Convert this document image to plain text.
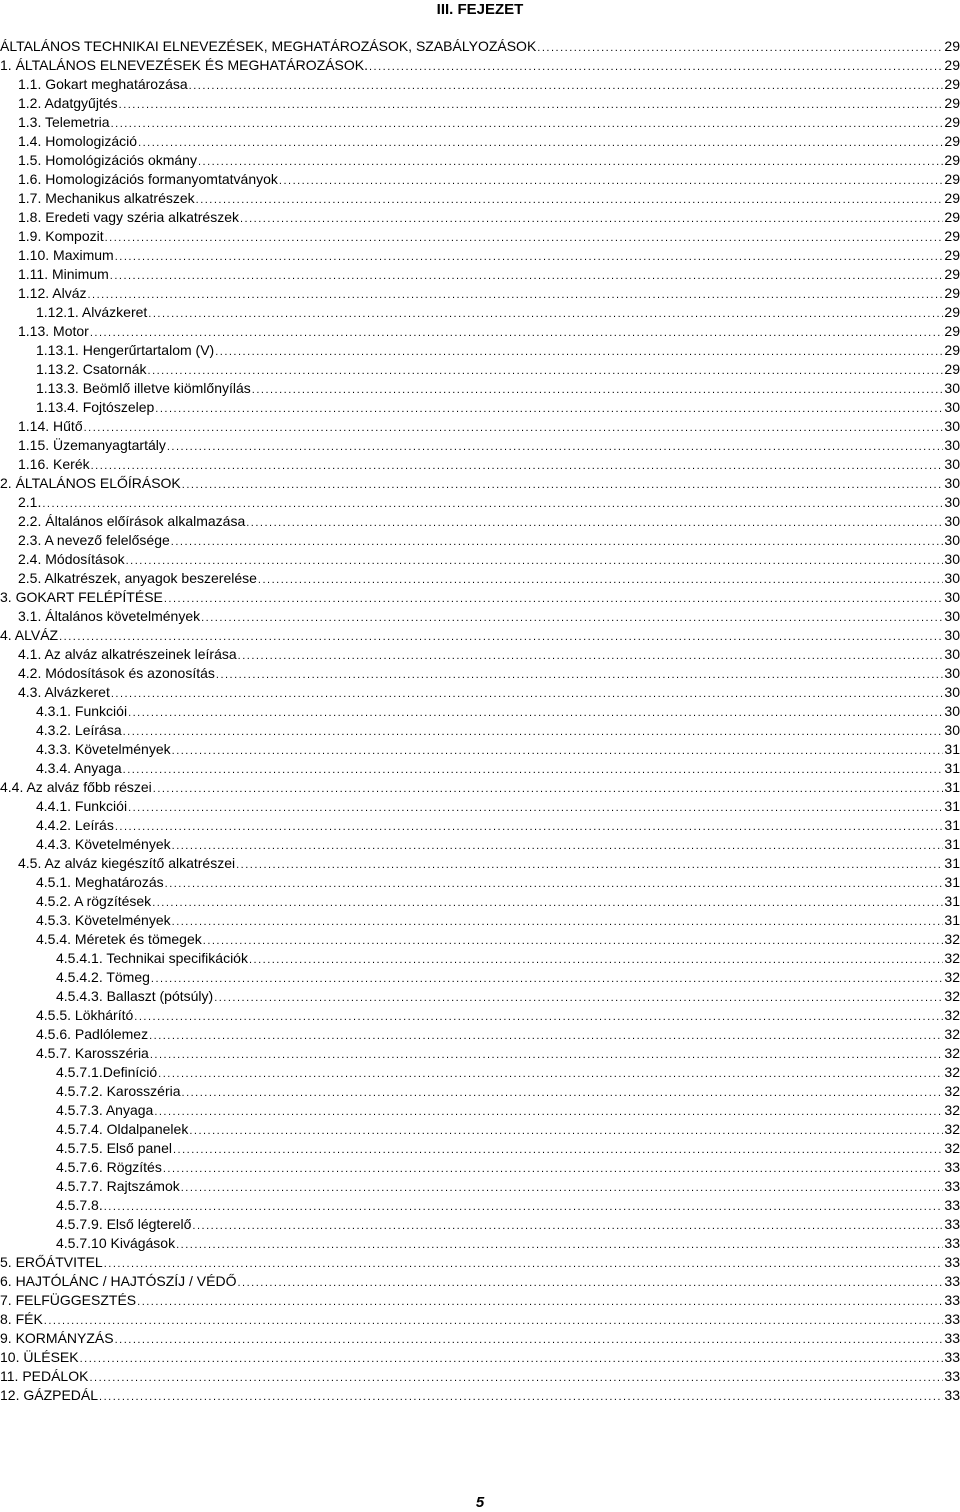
III. FEJEZET
ÁLTALÁNOS TECHNIKAI ELNEVEZÉSEK, MEGHATÁROZÁSOK, SZABÁLYOZÁSOK .....	29
1. ÁLTALÁNOS ELNEVEZÉSEK ÉS MEGHATÁROZÁSOK. .....	29
1.1. Gokart meghatározása .....	29
1.2. Adatgyűjtés .....	29
1.3. Telemetria .....	29
1.4. Homologizáció .....	29
1.5. Homológizációs okmány .....	29
1.6. Homologizációs formanyomtatványok .....	29
1.7. Mechanikus alkatrészek .....	29
1.8. Eredeti vagy széria alkatrészek .....	29
1.9. Kompozit .....	29
1.10. Maximum .....	29
1.11. Minimum .....	29
1.12. Alváz .....	29
1.12.1. Alvázkeret .....	29
1.13. Motor .....	29
1.13.1. Hengerűrtartalom (V) .....	29
1.13.2. Csatornák .....	29
1.13.3. Beömlő illetve kiömlőnyílás .....	30
1.13.4. Fojtószelep .....	30
1.14. Hűtő .....	30
1.15. Üzemanyagtartály .....	30
1.16. Kerék .....	30
2. ÁLTALÁNOS ELŐÍRÁSOK .....	30
2.1. .....	30
2.2. Általános előírások alkalmazása .....	30
2.3. A nevező felelősége .....	30
2.4. Módosítások .....	30
2.5. Alkatrészek, anyagok beszerelése .....	30
3. GOKART FELÉPÍTÉSE .....	30
3.1. Általános követelmények .....	30
4. ALVÁZ .....	30
4.1. Az alváz alkatrészeinek leírása .....	30
4.2. Módosítások és azonosítás .....	30
4.3. Alvázkeret .....	30
4.3.1. Funkciói .....	30
4.3.2. Leírása .....	30
4.3.3. Követelmények .....	31
4.3.4. Anyaga .....	31
4.4. Az alváz főbb részei .....	31
4.4.1. Funkciói .....	31
4.4.2. Leírás .....	31
4.4.3. Követelmények .....	31
4.5. Az alváz kiegészítő alkatrészei .....	31
4.5.1. Meghatározás .....	31
4.5.2. A rögzítések .....	31
4.5.3. Követelmények .....	31
4.5.4. Méretek és tömegek .....	32
4.5.4.1. Technikai specifikációk .....	32
4.5.4.2. Tömeg .....	32
4.5.4.3. Ballaszt (pótsúly) .....	32
4.5.5. Lökhárító .....	32
4.5.6. Padlólemez .....	32
4.5.7. Karosszéria .....	32
4.5.7.1.Definíció .....	32
4.5.7.2. Karosszéria .....	32
4.5.7.3. Anyaga .....	32
4.5.7.4. Oldalpanelek .....	32
4.5.7.5. Első panel .....	32
4.5.7.6. Rögzítés .....	33
4.5.7.7. Rajtszámok .....	33
4.5.7.8. .....	33
4.5.7.9. Első légterelő .....	33
4.5.7.10 Kivágások .....	33
5. ERŐÁTVITEL .....	33
6. HAJTÓLÁNC / HAJTÓSZÍJ / VÉDŐ .....	33
7. FELFÜGGESZTÉS .....	33
8. FÉK .....	33
9. KORMÁNYZÁS .....	33
10. ÜLÉSEK .....	33
11. PEDÁLOK .....	33
12. GÁZPEDÁL .....	33
5
